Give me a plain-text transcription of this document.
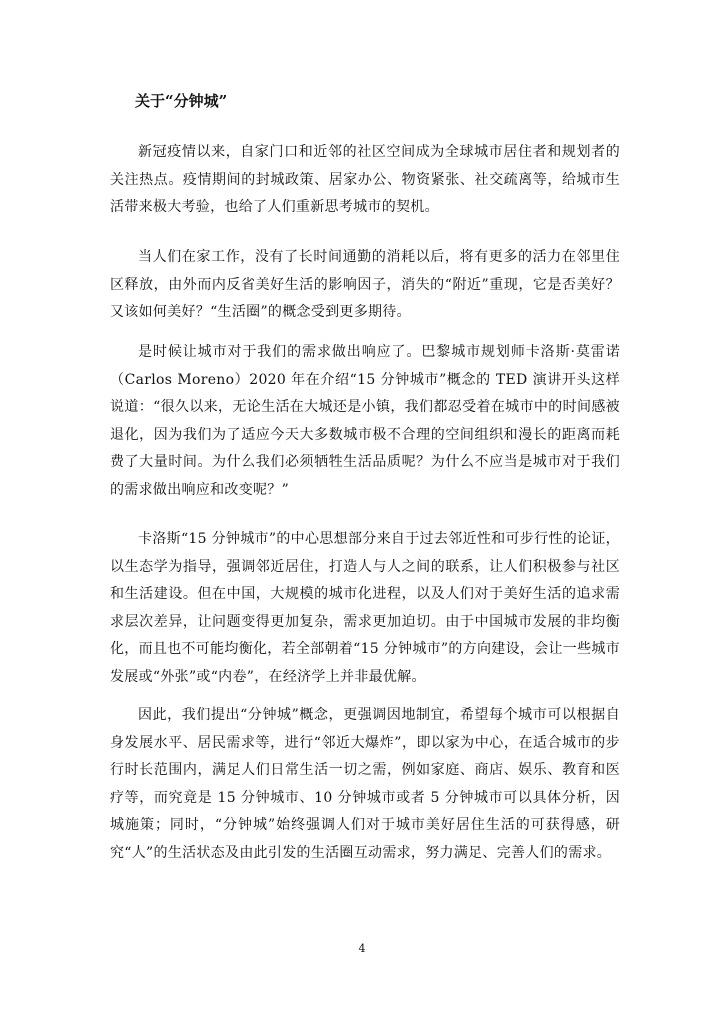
关于“分钟城”

新冠疫情以来，自家门口和近邻的社区空间成为全球城市居住者和规划者的关注热点。疫情期间的封城政策、居家办公、物资紧张、社交疏离等，给城市生活带来极大考验，也给了人们重新思考城市的契机。

当人们在家工作，没有了长时间通勤的消耗以后，将有更多的活力在邻里住区释放，由外而内反省美好生活的影响因子，消失的“附近”重现，它是否美好？又该如何美好？“生活圈”的概念受到更多期待。

是时候让城市对于我们的需求做出响应了。巴黎城市规划师卡洛斯·莫雷诺（Carlos Moreno）2020 年在介绍“15 分钟城市”概念的 TED 演讲开头这样说道：“很久以来，无论生活在大城还是小镇，我们都忍受着在城市中的时间感被退化，因为我们为了适应今天大多数城市极不合理的空间组织和漫长的距离而耗费了大量时间。为什么我们必须牺牲生活品质呢？为什么不应当是城市对于我们的需求做出响应和改变呢？”

卡洛斯“15 分钟城市”的中心思想部分来自于过去邻近性和可步行性的论证，以生态学为指导，强调邻近居住，打造人与人之间的联系，让人们积极参与社区和生活建设。但在中国，大规模的城市化进程，以及人们对于美好生活的追求需求层次差异，让问题变得更加复杂，需求更加迫切。由于中国城市发展的非均衡化，而且也不可能均衡化，若全部朝着“15 分钟城市”的方向建设，会让一些城市发展或“外张”或“内卷”，在经济学上并非最优解。

因此，我们提出“分钟城”概念，更强调因地制宜，希望每个城市可以根据自身发展水平、居民需求等，进行“邻近大爆炸”，即以家为中心，在适合城市的步行时长范围内，满足人们日常生活一切之需，例如家庭、商店、娱乐、教育和医疗等，而究竟是 15 分钟城市、10 分钟城市或者 5 分钟城市可以具体分析，因城施策；同时，“分钟城”始终强调人们对于城市美好居住生活的可获得感，研究“人”的生活状态及由此引发的生活圈互动需求，努力满足、完善人们的需求。

4
